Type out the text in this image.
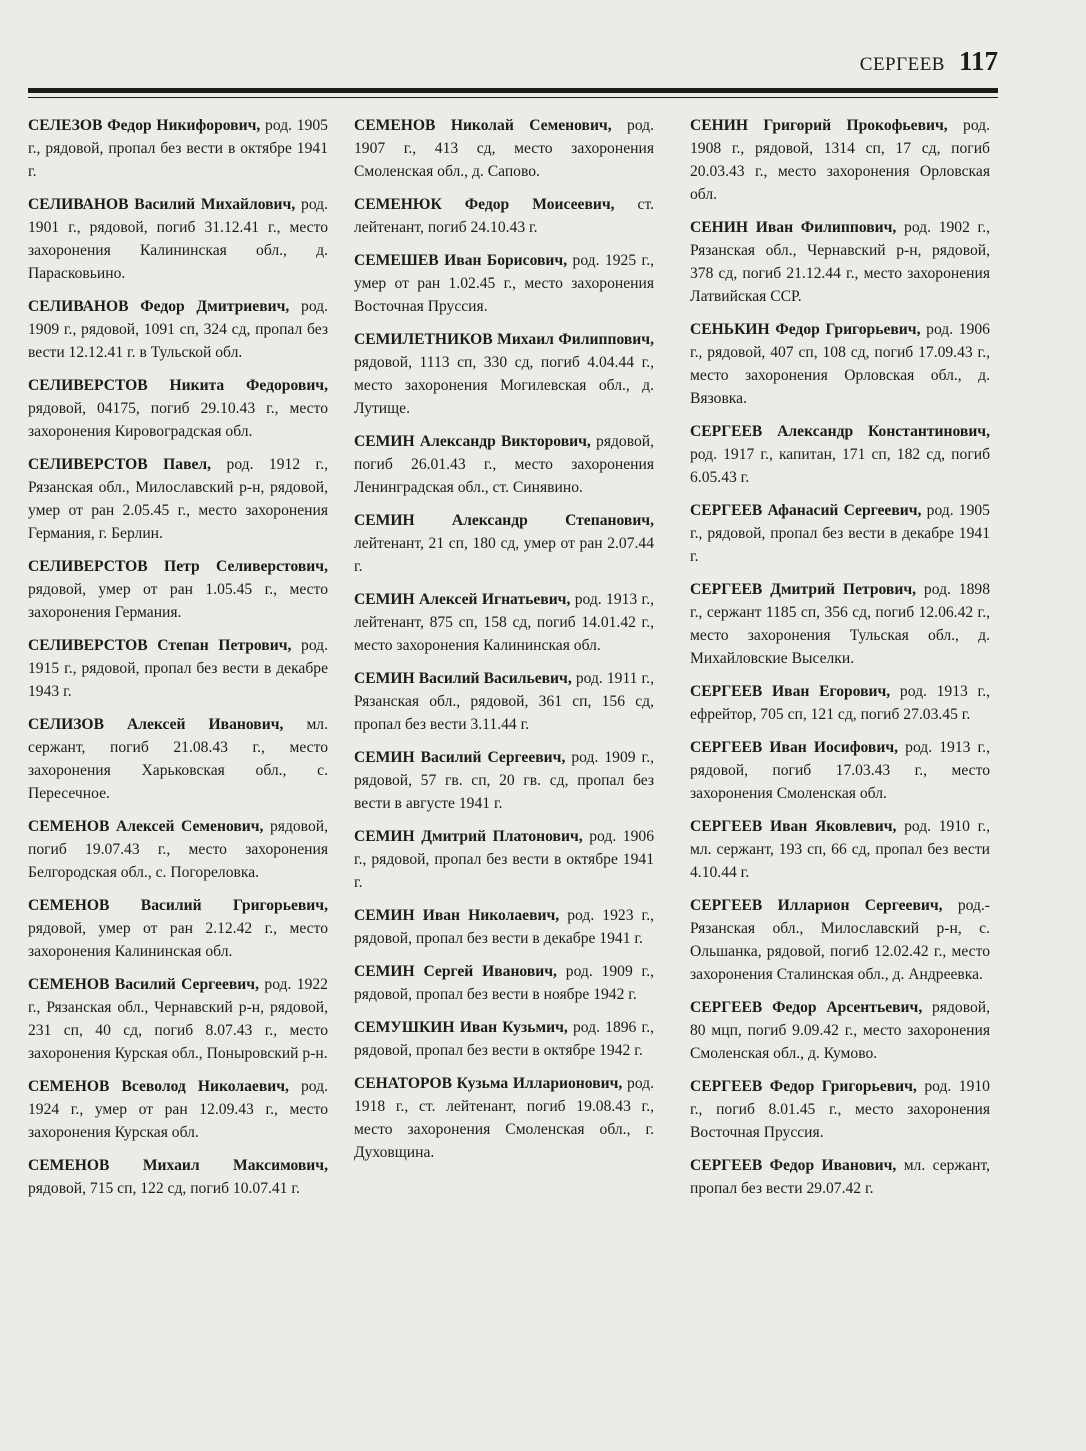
СЕРГЕЕВ 117

СЕЛЕЗОВ Федор Никифорович, род. 1905 г., рядовой, пропал без вести в октябре 1941 г.

СЕЛИВАНОВ Василий Михайлович, род. 1901 г., рядовой, погиб 31.12.41 г., место захоронения Калининская обл., д. Парасковьино.

СЕЛИВАНОВ Федор Дмитриевич, род. 1909 г., рядовой, 1091 сп, 324 сд, пропал без вести 12.12.41 г. в Тульской обл.

СЕЛИВЕРСТОВ Никита Федорович,рядовой, 04175, погиб 29.10.43 г., место захоронения Кировоградская обл.

СЕЛИВЕРСТОВ Павел, род. 1912 г., Рязанская обл., Милославский р-н, рядовой, умер от ран 2.05.45 г., место захоронения Германия, г. Берлин.

СЕЛИВЕРСТОВ Петр Селиверстович,рядовой, умер от ран 1.05.45 г., место захоронения Германия.

СЕЛИВЕРСТОВ Степан Петрович, род. 1915 г., рядовой, пропал без вести в декабре 1943 г.

СЕЛИЗОВ Алексей Иванович, мл. сержант, погиб 21.08.43 г., место захоронения Харьковская обл., с. Пересечное.

СЕМЕНОВ Алексей Семенович, рядовой, погиб 19.07.43 г., место захоронения Белгородская обл., с. Погореловка.

СЕМЕНОВ Василий Григорьевич,рядовой, умер от ран 2.12.42 г., место захоронения Калининская обл.

СЕМЕНОВ Василий Сергеевич, род. 1922 г., Рязанская обл., Чернавский р-н, рядовой, 231 сп, 40 сд, погиб 8.07.43 г., место захоронения Курская обл., Поныровский р-н.

СЕМЕНОВ Всеволод Николаевич, род. 1924 г., умер от ран 12.09.43 г., место захоронения Курская обл.

СЕМЕНОВ Михаил Максимович,рядовой, 715 сп, 122 сд, погиб 10.07.41 г.

СЕМЕНОВ Николай Семенович, род. 1907 г., 413 сд, место захоронения Смоленская обл., д. Сапово.

СЕМЕНЮК Федор Моисеевич, ст. лейтенант, погиб 24.10.43 г.

СЕМЕШЕВ Иван Борисович, род. 1925 г., умер от ран 1.02.45 г., место захоронения Восточная Пруссия.

СЕМИЛЕТНИКОВ Михаил Филиппович,рядовой, 1113 сп, 330 сд, погиб 4.04.44 г., место захоронения Могилевская обл., д. Лутище.

СЕМИН Александр Викторович, рядовой, погиб 26.01.43 г., место захоронения Ленинградская обл., ст. Синявино.

СЕМИН Александр Степанович,лейтенант, 21 сп, 180 сд, умер от ран 2.07.44 г.

СЕМИН Алексей Игнатьевич, род. 1913 г., лейтенант, 875 сп, 158 сд, погиб 14.01.42 г., место захоронения Калининская обл.

СЕМИН Василий Васильевич, род. 1911 г., Рязанская обл., рядовой, 361 сп, 156 сд, пропал без вести 3.11.44 г.

СЕМИН Василий Сергеевич, род. 1909 г., рядовой, 57 гв. сп, 20 гв. сд, пропал без вести в августе 1941 г.

СЕМИН Дмитрий Платонович, род. 1906 г., рядовой, пропал без вести в октябре 1941 г.

СЕМИН Иван Николаевич, род. 1923 г., рядовой, пропал без вести в декабре 1941 г.

СЕМИН Сергей Иванович, род. 1909 г., рядовой, пропал без вести в ноябре 1942 г.

СЕМУШКИН Иван Кузьмич, род. 1896 г., рядовой, пропал без вести в октябре 1942 г.

СЕНАТОРОВ Кузьма Илларионович, род. 1918 г., ст. лейтенант, погиб 19.08.43 г., место захоронения Смоленская обл., г. Духовщина.

СЕНИН Григорий Прокофьевич, род. 1908 г., рядовой, 1314 сп, 17 сд, погиб 20.03.43 г., место захоронения Орловская обл.

СЕНИН Иван Филиппович, род. 1902 г., Рязанская обл., Чернавский р-н, рядовой, 378 сд, погиб 21.12.44 г., место захоронения Латвийская ССР.

СЕНЬКИН Федор Григорьевич, род. 1906 г., рядовой, 407 сп, 108 сд, погиб 17.09.43 г., место захоронения Орловская обл., д. Вязовка.

СЕРГЕЕВ Александр Константинович,род. 1917 г., капитан, 171 сп, 182 сд, погиб 6.05.43 г.

СЕРГЕЕВ Афанасий Сергеевич, род. 1905 г., рядовой, пропал без вести в декабре 1941 г.

СЕРГЕЕВ Дмитрий Петрович, род. 1898 г., сержант 1185 сп, 356 сд, погиб 12.06.42 г., место захоронения Тульская обл., д. Михайловские Выселки.

СЕРГЕЕВ Иван Егорович, род. 1913 г., ефрейтор, 705 сп, 121 сд, погиб 27.03.45 г.

СЕРГЕЕВ Иван Иосифович, род. 1913 г., рядовой, погиб 17.03.43 г., место захоронения Смоленская обл.

СЕРГЕЕВ Иван Яковлевич, род. 1910 г., мл. сержант, 193 сп, 66 сд, пропал без вести 4.10.44 г.

СЕРГЕЕВ Илларион Сергеевич, род.- Рязанская обл., Милославский р-н, с. Ольшанка, рядовой, погиб 12.02.42 г., место захоронения Сталинская обл., д. Андреевка.

СЕРГЕЕВ Федор Арсентьевич, рядовой, 80 мцп, погиб 9.09.42 г., место захоронения Смоленская обл., д. Кумово.

СЕРГЕЕВ Федор Григорьевич, род. 1910 г., погиб 8.01.45 г., место захоронения Восточная Пруссия.

СЕРГЕЕВ Федор Иванович, мл. сержант, пропал без вести 29.07.42 г.
